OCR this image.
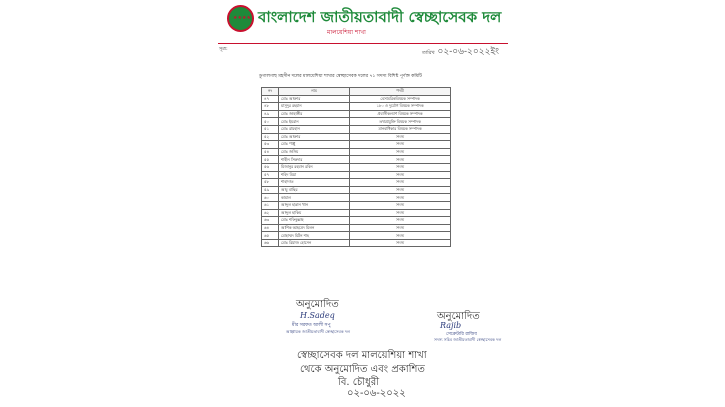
★★★★ বাংলাদেশ জাতীয়তাবাদী স্বেচ্ছাসেবক দল
মালয়েশিয়া শাখা
সূত্র:
তারিখ ০২-০৬-২০২২ইং
ডুগালগাছ মহসীন দলের মালয়েশিয়া শাখার স্বেচ্ছাসেবক দলের ৭১ সদস্য বিশিষ্ট পূর্ণাঙ্গ কমিটি
নং	নাম	পদবী
৪৭	মোঃ আক্তার	বেসামরিকবিষয়ক সম্পাদক
৪৮	মাসুদুর রহমান	১৮০ ও দুর্যোগ বিষয়ক সম্পাদক
৪৯	মোঃ জাহাঙ্গীর	প্রবাসীকল্যাণ বিষয়ক সম্পাদক
৫০	মোঃ ইমরান	তথ্যপ্রযুক্তি বিষয়ক সম্পাদক
৫১	মোঃ রায়হান	মানবাধিকার বিষয়ক সম্পাদক
৫২	মোঃ আক্তার	সদস্য
৫৩	মোঃ পাপ্পু	সদস্য
৫৪	মোঃ জসিম	সদস্য
৫৫	শাহীন সিকদার	সদস্য
৫৬	মিজানুর রহমান রবিন	সদস্য
৫৭	শহিদ মিয়া	সদস্য
৫৮	শাহাদাত	সদস্য
৫৯	আবু বাছির	সদস্য
৬০	কামাল	সদস্য
৬১	আব্দুল হান্নান খান	সদস্য
৬২	আব্দুল হাকিম	সদস্য
৬৩	মোঃ শফিকুল্লাহ	সদস্য
৬৪	আশিক আহমেদ মিলন	সদস্য
৬৫	মোহাম্মদ মিটন শাহ	সদস্য
৬৬	মোঃ রিয়াজ হোসেন	সদস্য
অনুমোদিত
H.Sadeq
মীর সরফত আলী সপু
আহ্বায়ক জাতীয়তাবাদী স্বেচ্ছাসেবক দল
অনুমোদিত
Rajib
সেক্রেটারি রাজিব
সদস্য সচিব জাতীয়তাবাদী স্বেচ্ছাসেবক দল
স্বেচ্ছাসেবক দল মালয়েশিয়া শাখা
থেকে অনুমোদিত এবং প্রকাশিত
বি. চৌধুরী
০২-০৬-২০২২
